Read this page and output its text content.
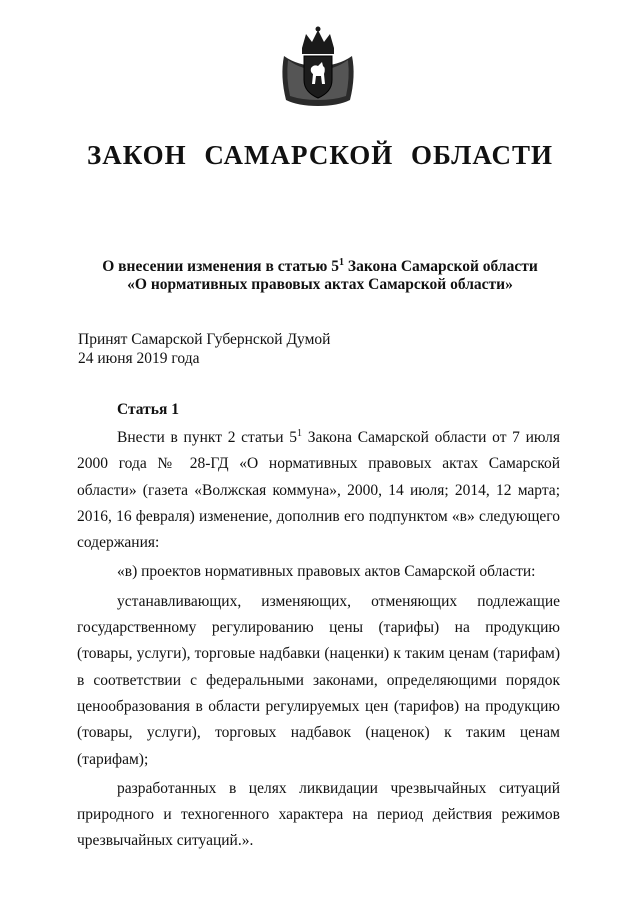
ЗАКОН САМАРСКОЙ ОБЛАСТИ
О внесении изменения в статью $5^1$ Закона Самарской области
«О нормативных правовых актах Самарской области»
Принят Самарской Губернской Думой
24 июня 2019 года
Статья 1

Внести в пункт 2 статьи $5^1$ Закона Самарской области от 7 июля 2000 года № 28-ГД «О нормативных правовых актах Самарской области» (газета «Волжская коммуна», 2000, 14 июля; 2014, 12 марта; 2016, 16 февраля) изменение, дополнив его подпунктом «в» следующего содержания:

«в) проектов нормативных правовых актов Самарской области:

устанавливающих, изменяющих, отменяющих подлежащие государственному регулированию цены (тарифы) на продукцию (товары, услуги), торговые надбавки (наценки) к таким ценам (тарифам) в соответствии с федеральными законами, определяющими порядок ценообразования в области регулируемых цен (тарифов) на продукцию (товары, услуги), торговых надбавок (наценок) к таким ценам (тарифам);

разработанных в целях ликвидации чрезвычайных ситуаций природного и техногенного характера на период действия режимов чрезвычайных ситуаций.».
